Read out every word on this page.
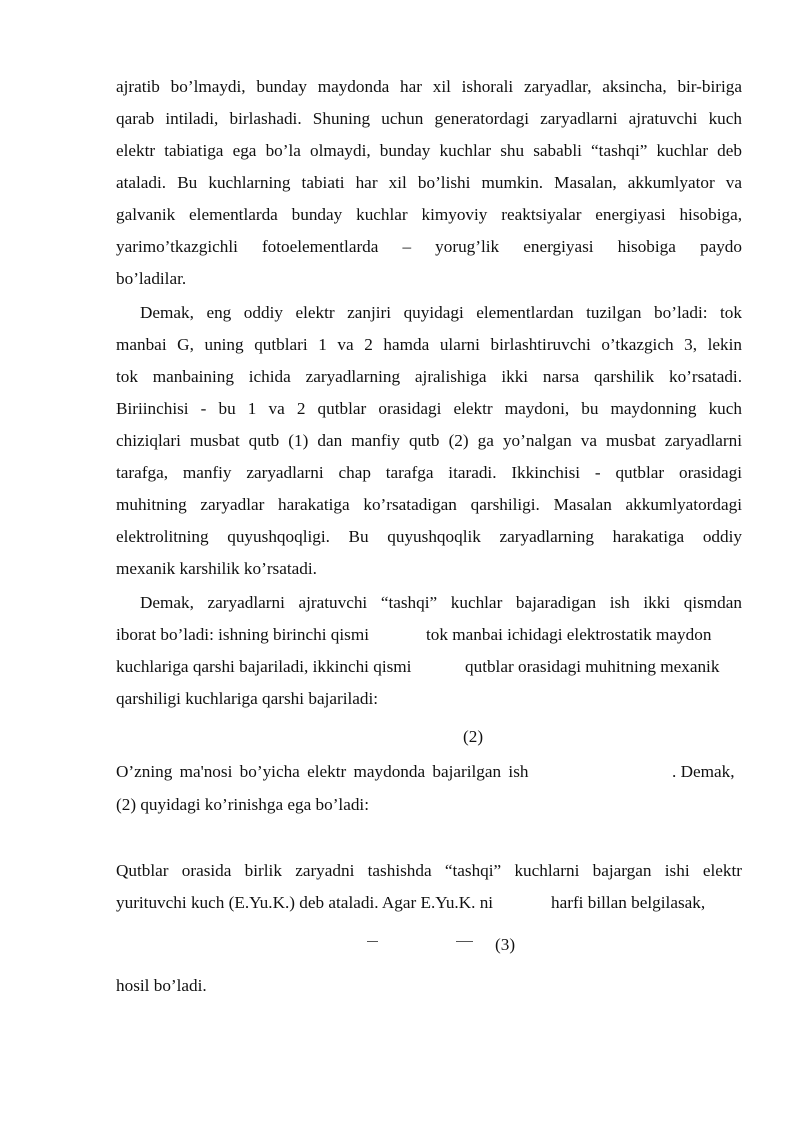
ajratib bo’lmaydi, bunday maydonda har xil ishorali zaryadlar, aksincha, bir-biriga
qarab intiladi, birlashadi. Shuning uchun generatordagi zaryadlarni ajratuvchi kuch
elektr tabiatiga ega bo’la olmaydi, bunday kuchlar shu sababli “tashqi” kuchlar deb
ataladi. Bu kuchlarning tabiati har xil bo’lishi mumkin. Masalan, akkumlyator va
galvanik elementlarda bunday kuchlar kimyoviy reaktsiyalar energiyasi hisobiga,
yarimo’tkazgichli fotoelementlarda – yorug’lik energiyasi hisobiga paydo
bo’ladilar.
Demak, eng oddiy elektr zanjiri quyidagi elementlardan tuzilgan bo’ladi: tok
manbai G, uning qutblari 1 va 2 hamda ularni birlashtiruvchi o’tkazgich 3, lekin
tok manbaining ichida zaryadlarning ajralishiga ikki narsa qarshilik ko’rsatadi.
Biriinchisi - bu 1 va 2 qutblar orasidagi elektr maydoni, bu maydonning kuch
chiziqlari musbat qutb (1) dan manfiy qutb (2) ga yo’nalgan va musbat zaryadlarni
tarafga, manfiy zaryadlarni chap tarafga itaradi. Ikkinchisi - qutblar orasidagi
muhitning zaryadlar harakatiga ko’rsatadigan qarshiligi. Masalan akkumlyatordagi
elektrolitning quyushqoqligi. Bu quyushqoqlik zaryadlarning harakatiga oddiy
mexanik karshilik ko’rsatadi.
Demak, zaryadlarni ajratuvchi “tashqi” kuchlar bajaradigan ish ikki qismdan
iborat bo’ladi: ishning birinchi qismi	tok manbai ichidagi elektrostatik maydon
kuchlariga qarshi bajariladi, ikkinchi qismi	qutblar orasidagi muhitning mexanik
qarshiligi kuchlariga qarshi bajariladi:
(2)
O’zning ma'nosi bo’yicha elektr maydonda bajarilgan ish	. Demak,
(2) quyidagi ko’rinishga ega bo’ladi:
Qutblar orasida birlik zaryadni tashishda “tashqi” kuchlarni bajargan ishi elektr
yurituvchi kuch (E.Yu.K.) deb ataladi. Agar E.Yu.K. ni	harfi billan belgilasak,
(3)
hosil bo’ladi.
